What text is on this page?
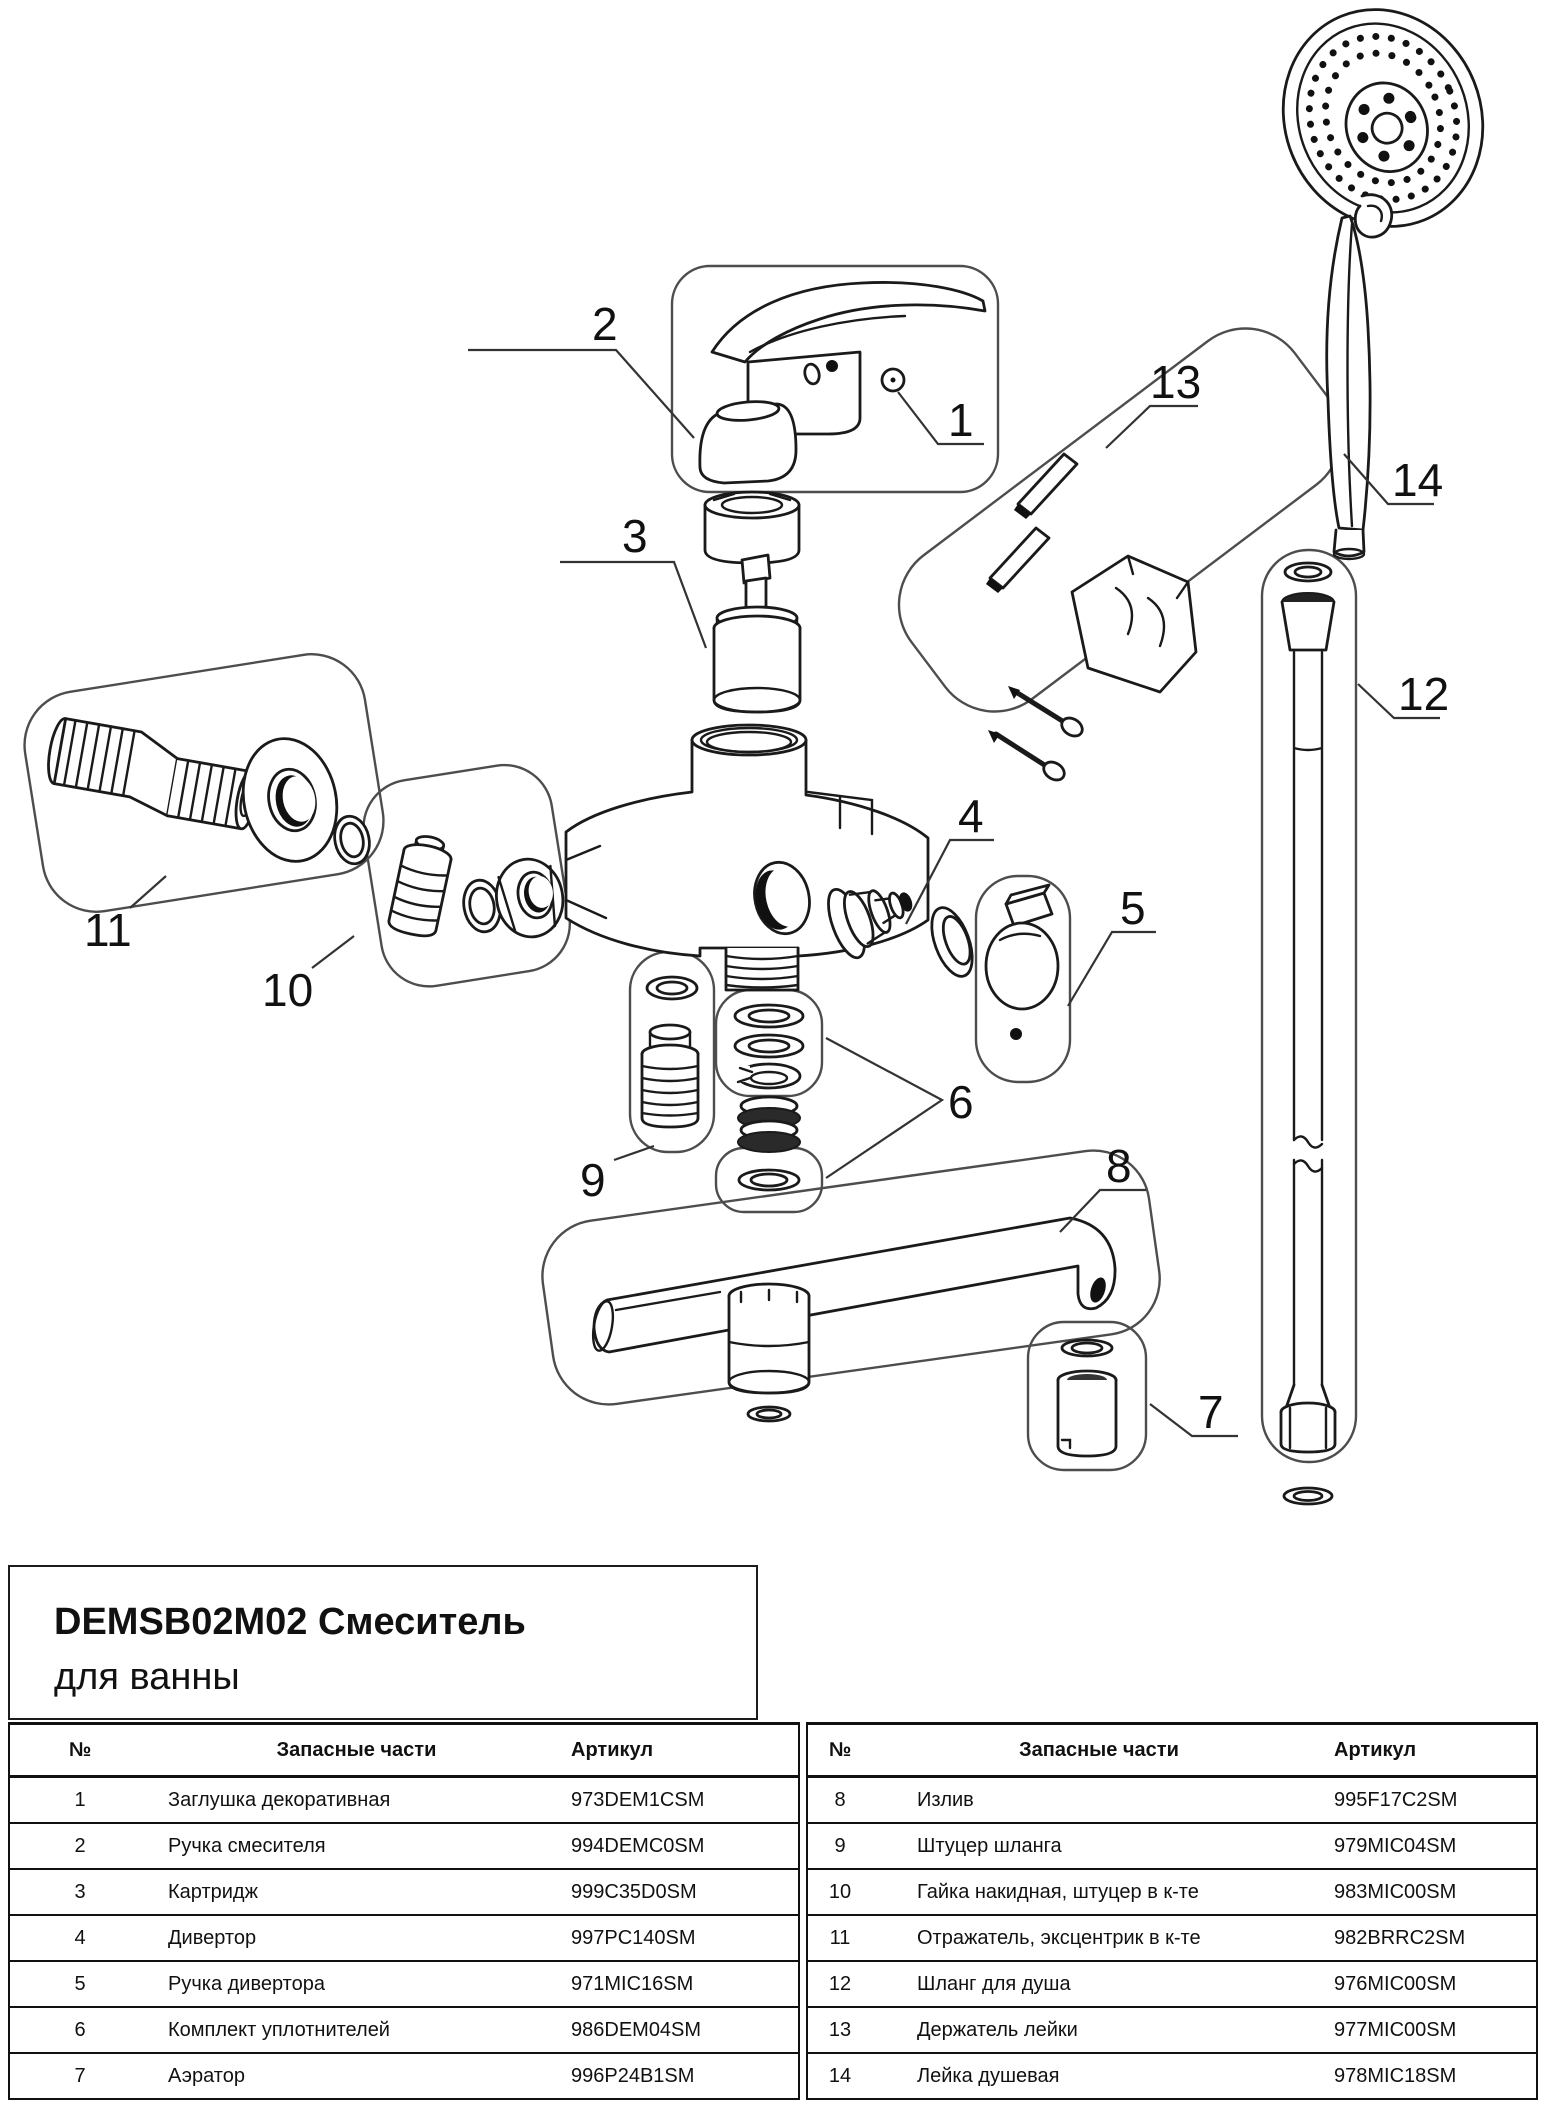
1
2
3
4
5
6
7
8
9
10
11
12
13
14
DEMSB02M02 Смеситель
для ванны
№	Запасные части	Артикул
1	Заглушка декоративная	973DEM1CSM
2	Ручка смесителя	994DEMC0SM
3	Картридж	999C35D0SM
4	Дивертор	997PC140SM
5	Ручка дивертора	971MIC16SM
6	Комплект уплотнителей	986DEM04SM
7	Аэратор	996P24B1SM
№	Запасные части	Артикул
8	Излив	995F17C2SM
9	Штуцер шланга	979MIC04SM
10	Гайка накидная, штуцер в к-те	983MIC00SM
11	Отражатель, эксцентрик в к-те	982BRRC2SM
12	Шланг для душа	976MIC00SM
13	Держатель лейки	977MIC00SM
14	Лейка душевая	978MIC18SM
